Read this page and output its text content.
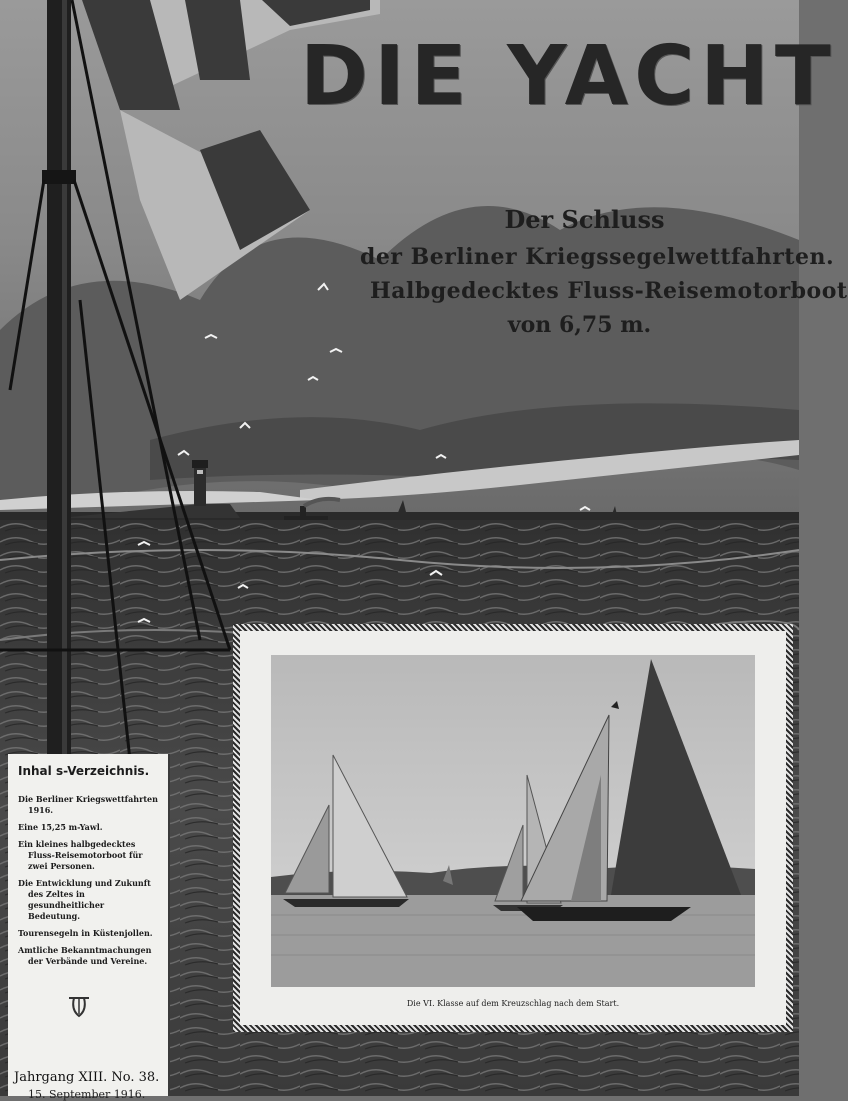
DIE YACHT
Der Schluss
der Berliner Kriegssegelwettfahrten.
Halbgedecktes Fluss-Reisemotorboot
von 6,75 m.
Die VI. Klasse auf dem Kreuzschlag nach dem Start.
Inhal s-Verzeichnis.
Die Berliner Kriegswettfahrten
1916.
Eine 15,25 m-Yawl.
Ein kleines halbgedecktes
Fluss-Reisemotorboot für
zwei Personen.
Die Entwicklung und Zukunft
des Zeltes in gesundheitlicher
Bedeutung.
Tourensegeln in Küstenjollen.
Amtliche Bekanntmachungen
der Verbände und Vereine.
Jahrgang XIII. No. 38.
15. September 1916.
